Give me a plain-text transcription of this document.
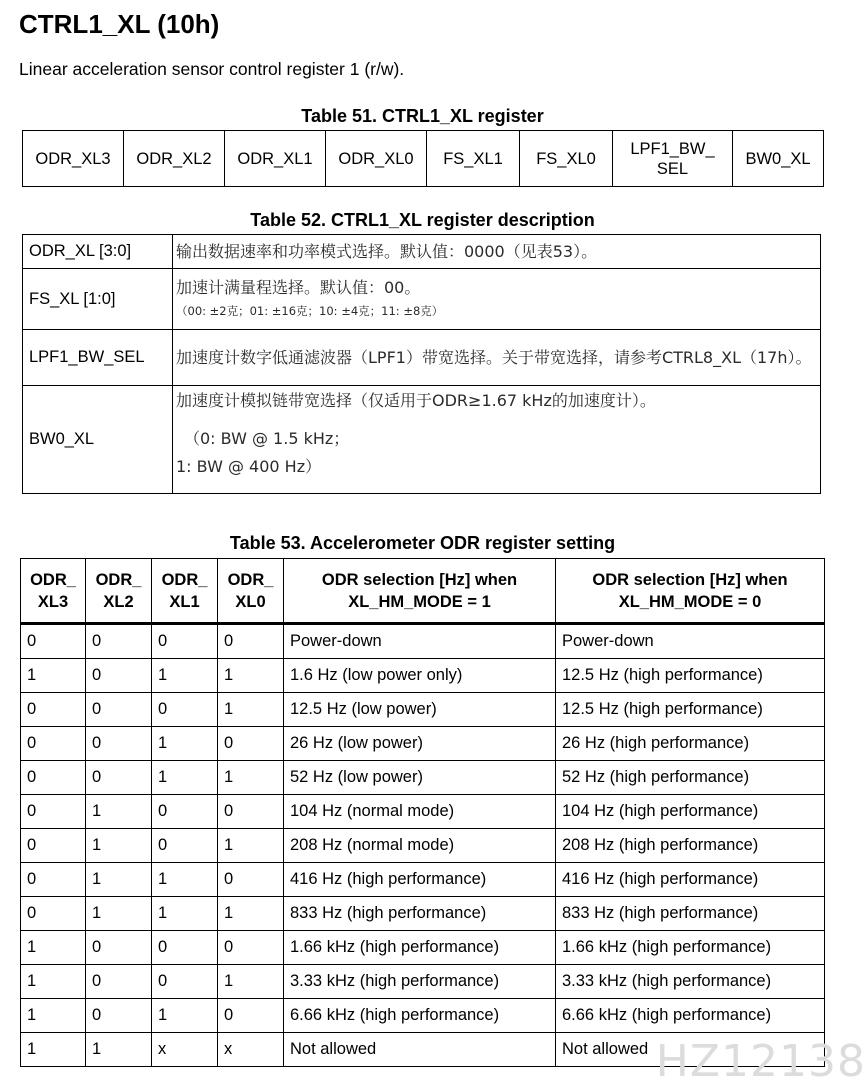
CTRL1_XL (10h)

Linear acceleration sensor control register 1 (r/w).

Table 51. CTRL1_XL register
ODR_XL3	ODR_XL2	ODR_XL1	ODR_XL0	FS_XL1	FS_XL0	LPF1_BW_
SEL	BW0_XL
Table 52. CTRL1_XL register description
ODR_XL [3:0]	输出数据速率和功率模式选择。默认值：0000（见表53）。
FS_XL [1:0]	加速计满量程选择。默认值：00。
（00: ±2克；01: ±16克；10: ±4克；11: ±8克）

LPF1_BW_SEL	加速度计数字低通滤波器（LPF1）带宽选择。关于带宽选择，请参考CTRL8_XL（17h）。
BW0_XL	加速度计模拟链带宽选择（仅适用于ODR≥1.67 kHz的加速度计）。
（0: BW @ 1.5 kHz；
1: BW @ 400 Hz）
Table 53. Accelerometer ODR register setting
ODR_
XL3	ODR_
XL2	ODR_
XL1	ODR_
XL0	ODR selection [Hz] when
XL_HM_MODE = 1	ODR selection [Hz] when
XL_HM_MODE = 0
0	0	0	0	Power-down	Power-down
1	0	1	1	1.6 Hz (low power only)	12.5 Hz (high performance)
0	0	0	1	12.5 Hz (low power)	12.5 Hz (high performance)
0	0	1	0	26 Hz (low power)	26 Hz (high performance)
0	0	1	1	52 Hz (low power)	52 Hz (high performance)
0	1	0	0	104 Hz (normal mode)	104 Hz (high performance)
0	1	0	1	208 Hz (normal mode)	208 Hz (high performance)
0	1	1	0	416 Hz (high performance)	416 Hz (high performance)
0	1	1	1	833 Hz (high performance)	833 Hz (high performance)
1	0	0	0	1.66 kHz (high performance)	1.66 kHz (high performance)
1	0	0	1	3.33 kHz (high performance)	3.33 kHz (high performance)
1	0	1	0	6.66 kHz (high performance)	6.66 kHz (high performance)
1	1	x	x	Not allowed	Not allowed HZ12138
